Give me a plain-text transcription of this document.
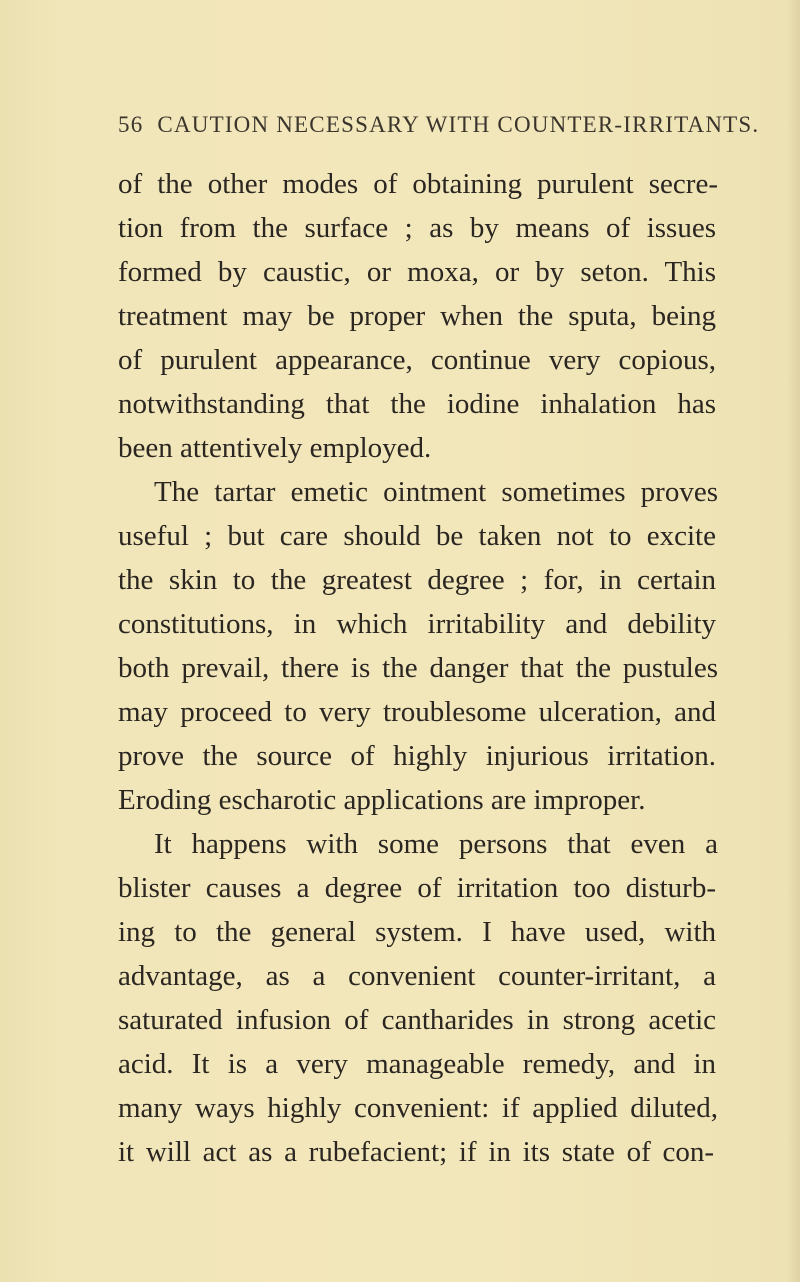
56 CAUTION NECESSARY WITH COUNTER-IRRITANTS.
of the other modes of obtaining purulent secre-
tion from the surface ; as by means of issues
formed by caustic, or moxa, or by seton. This
treatment may be proper when the sputa, being
of purulent appearance, continue very copious,
notwithstanding that the iodine inhalation has
been attentively employed.
The tartar emetic ointment sometimes proves
useful ; but care should be taken not to excite
the skin to the greatest degree ; for, in certain
constitutions, in which irritability and debility
both prevail, there is the danger that the pustules
may proceed to very troublesome ulceration, and
prove the source of highly injurious irritation.
Eroding escharotic applications are improper.
It happens with some persons that even a
blister causes a degree of irritation too disturb-
ing to the general system. I have used, with
advantage, as a convenient counter-irritant, a
saturated infusion of cantharides in strong acetic
acid. It is a very manageable remedy, and in
many ways highly convenient: if applied diluted,
it will act as a rubefacient; if in its state of con-
